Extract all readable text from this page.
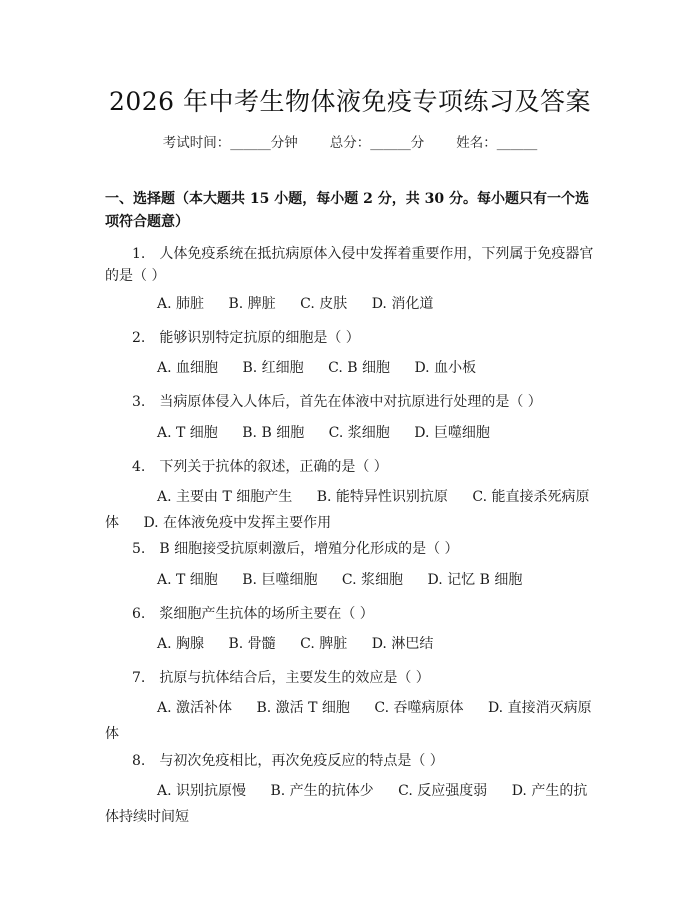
2026 年中考生物体液免疫专项练习及答案
考试时间：______分钟 总分：______分 姓名：______
一、选择题（本大题共 15 小题，每小题 2 分，共 30 分。每小题只有一个选项符合题意）
1.　人体免疫系统在抵抗病原体入侵中发挥着重要作用，下列属于免疫器官的是（ ）
A. 肺脏 B. 脾脏 C. 皮肤 D. 消化道
2.　能够识别特定抗原的细胞是（ ）
A. 血细胞 B. 红细胞 C. B 细胞 D. 血小板
3.　当病原体侵入人体后，首先在体液中对抗原进行处理的是（ ）
A. T 细胞 B. B 细胞 C. 浆细胞 D. 巨噬细胞
4.　下列关于抗体的叙述，正确的是（ ）
A. 主要由 T 细胞产生 B. 能特异性识别抗原 C. 能直接杀死病原体 D. 在体液免疫中发挥主要作用
5.　B 细胞接受抗原刺激后，增殖分化形成的是（ ）
A. T 细胞 B. 巨噬细胞 C. 浆细胞 D. 记忆 B 细胞
6.　浆细胞产生抗体的场所主要在（ ）
A. 胸腺 B. 骨髓 C. 脾脏 D. 淋巴结
7.　抗原与抗体结合后，主要发生的效应是（ ）
A. 激活补体 B. 激活 T 细胞 C. 吞噬病原体 D. 直接消灭病原体
8.　与初次免疫相比，再次免疫反应的特点是（ ）
A. 识别抗原慢 B. 产生的抗体少 C. 反应强度弱 D. 产生的抗体持续时间短
